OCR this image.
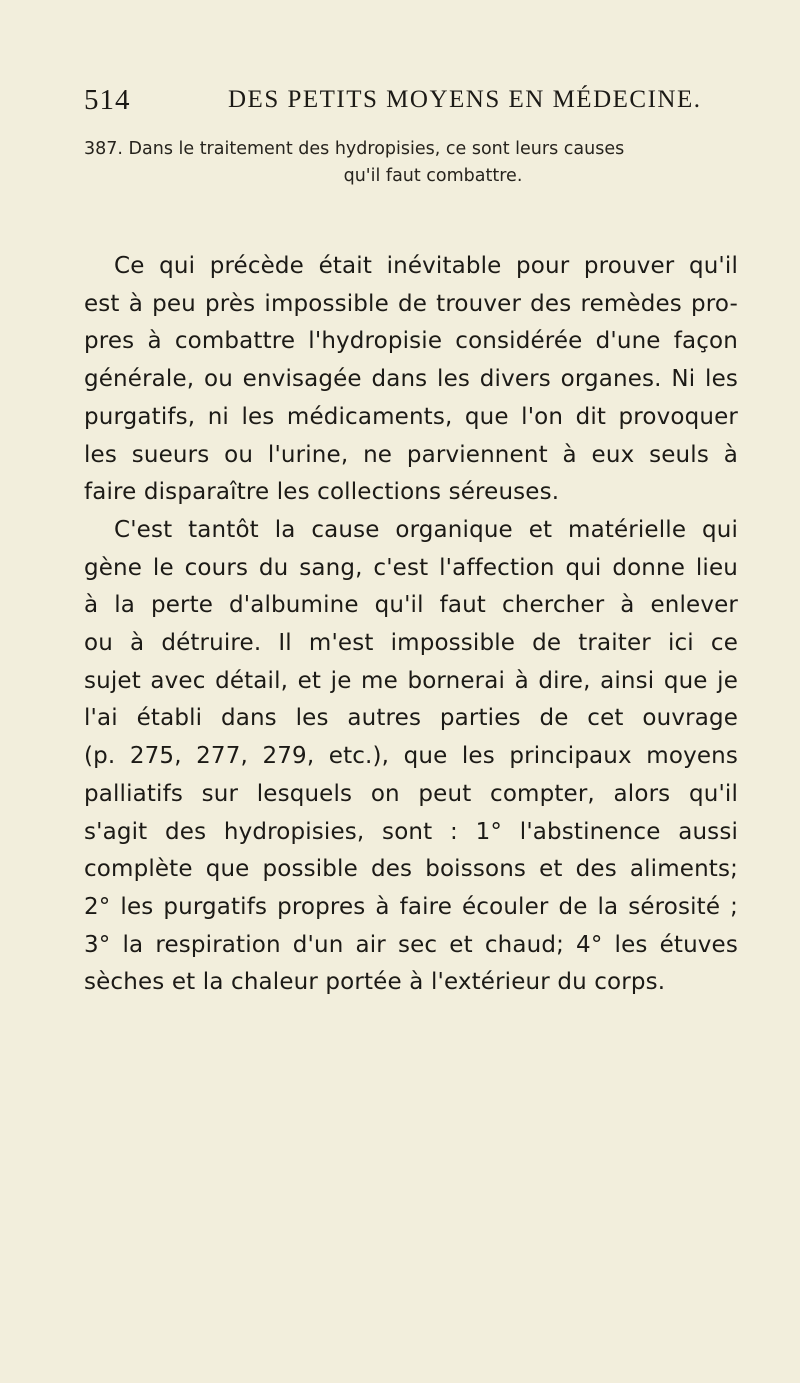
514	DES PETITS MOYENS EN MÉDECINE.
387. Dans le traitement des hydropisies, ce sont leurs causes
qu'il faut combattre.

Ce qui précède était inévitable pour prouver qu'il
est à peu près impossible de trouver des remèdes pro-
pres à combattre l'hydropisie considérée d'une façon
générale, ou envisagée dans les divers organes. Ni les
purgatifs, ni les médicaments, que l'on dit provoquer
les sueurs ou l'urine, ne parviennent à eux seuls à
faire disparaître les collections séreuses.

C'est tantôt la cause organique et matérielle qui
gène le cours du sang, c'est l'affection qui donne lieu
à la perte d'albumine qu'il faut chercher à enlever
ou à détruire. Il m'est impossible de traiter ici ce
sujet avec détail, et je me bornerai à dire, ainsi que je
l'ai établi dans les autres parties de cet ouvrage
(p. 275, 277, 279, etc.), que les principaux moyens
palliatifs sur lesquels on peut compter, alors qu'il
s'agit des hydropisies, sont : 1° l'abstinence aussi
complète que possible des boissons et des aliments;
2° les purgatifs propres à faire écouler de la sérosité ;
3° la respiration d'un air sec et chaud; 4° les étuves
sèches et la chaleur portée à l'extérieur du corps.
